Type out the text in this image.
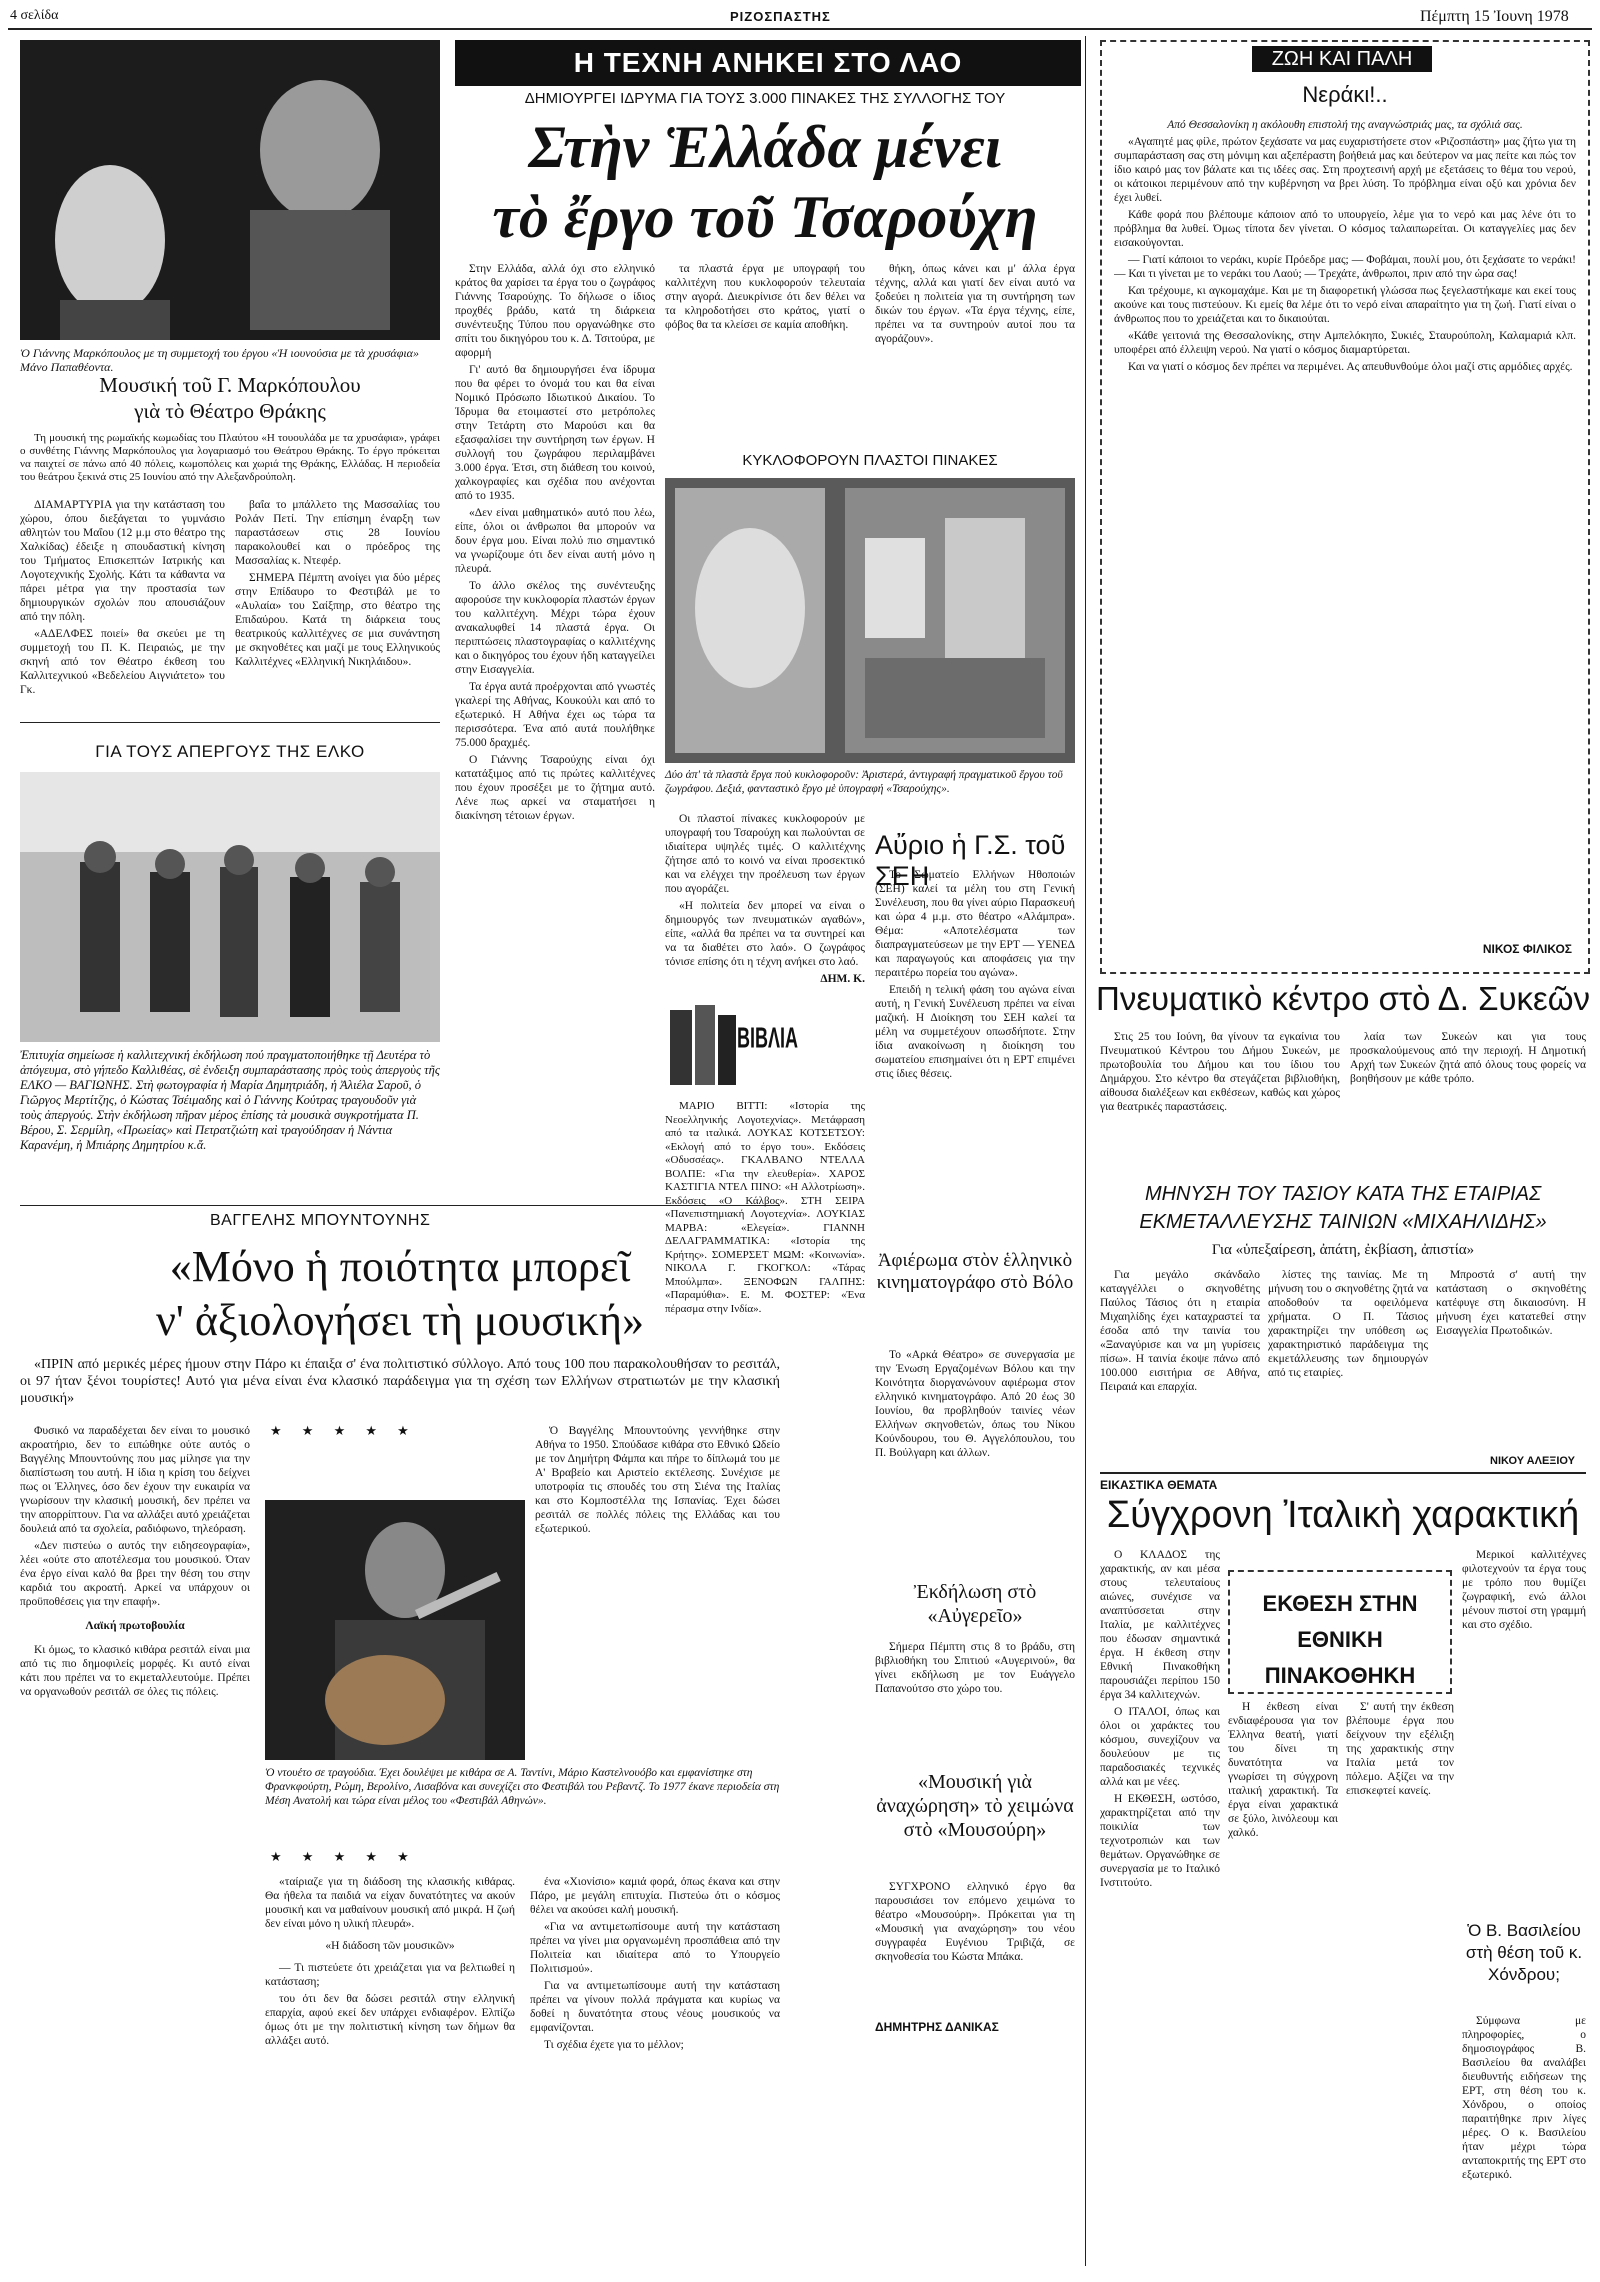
4 σελίδα	ΡΙΖΟΣΠΑΣΤΗΣ	Πέμπτη 15 Ἰουνη 1978
Ὁ Γιάννης Μαρκόπουλος με τη συμμετοχή του έργου «Ἡ ιουνούσια με τὰ χρυσάφια» Μάνο Παπαθέοντα.
Μουσική τοῦ Γ. Μαρκόπουλου
γιὰ τὸ Θέατρο Θράκης

Τη μουσική της ρωμαϊκής κωμωδίας του Πλαύτου «Η τουουλάδα με τα χρυσάφια», γράφει ο συνθέτης Γιάννης Μαρκόπουλος για λογαριασμό του Θεάτρου Θράκης. Το έργο πρόκειται να παιχτεί σε πάνω από 40 πόλεις, κωμοπόλεις και χωριά της Θράκης, Ελλάδας. Η περιοδεία του θεάτρου ξεκινά στις 25 Ιουνίου από την Αλεξανδρούπολη.

ΔΙΑΜΑΡΤΥΡΙΑ για την κατάσταση του χώρου, όπου διεξάγεται το γυμνάσιο αθλητών του Μαΐου (12 μ.μ στο θέατρο της Χαλκίδας) έδειξε η σπουδαστική κίνηση του Τμήματος Επισκεπτών Ιατρικής και Λογοτεχνικής Σχολής. Κάτι τα κάθαντα να πάρει μέτρα για την προστασία των δημιουργικών σχολών που απουσιάζουν από την πόλη.

«ΑΔΕΛΦΕΣ ποιεί» θα σκεύει με τη συμμετοχή του Π. Κ. Πειραιώς, με την σκηνή από τον Θέατρο έκθεση του Καλλιτεχνικού «Βεδελείου Αιγνιάτετο» του Γκ.

βαΐα το μπάλλετο της Μασσαλίας του Ρολάν Πετί. Την επίσημη έναρξη των παραστάσεων στις 28 Ιουνίου παρακολουθεί και ο πρόεδρος της Μασσαλίας κ. Ντεφέρ.

ΣΗΜΕΡΑ Πέμπτη ανοίγει για δύο μέρες στην Επίδαυρο το Φεστιβάλ με το «Αυλαία» του Σαίξπηρ, στο θέατρο της Επιδαύρου. Κατά τη διάρκεια τους θεατρικούς καλλιτέχνες σε μια συνάντηση με σκηνοθέτες και μαζί με τους Ελληνικούς Καλλιτέχνες «Ελληνική Νικηλάιδου».

ΓΙΑ ΤΟΥΣ ΑΠΕΡΓΟΥΣ ΤΗΣ ΕΛΚΟ
Ἐπιτυχία σημείωσε ἡ καλλιτεχνική ἐκδήλωση πού πραγματοποιήθηκε τῇ Δευτέρα τὸ ἀπόγευμα, στὸ γήπεδο Καλλιθέας, σὲ ἐνδειξη συμπαράστασης πρὸς τοὺς ἀπεργοὺς τῆς ΕΛΚΟ — ΒΑΓΙΩΝΗΣ. Στὴ φωτογραφία ἡ Μαρία Δημητριάδη, ἡ Ἀλιέλα Σαροῦ, ὁ Γιῶργος Μερτίτζης, ὁ Κώστας Τσέιμαδης καὶ ὁ Γιάννης Κούτρας τραγουδοῦν γιὰ τοὺς ἀπεργούς. Στὴν ἐκδήλωση πῆραν μέρος ἐπίσης τὰ μουσικὰ συγκροτήματα Π. Βέρου, Σ. Σερμίλη, «Πρωείας» καὶ Πετρατζιώτη καὶ τραγούδησαν ἡ Νάντια Καρανέμη, ἡ Μπιάρης Δημητρίου κ.ἄ.
ΒΑΓΓΕΛΗΣ ΜΠΟΥΝΤΟΥΝΗΣ
«Μόνο ἡ ποιότητα μπορεῖ
ν' ἀξιολογήσει τὴ μουσική»

«ΠΡΙΝ από μερικές μέρες ήμουν στην Πάρο κι έπαιξα σ' ένα πολιτιστικό σύλλογο. Από τους 100 που παρακολουθήσαν το ρεσιτάλ, οι 97 ήταν ξένοι τουρίστες! Αυτό για μένα είναι ένα κλασικό παράδειγμα για τη σχέση των Ελλήνων στρατιωτών με την κλασική μουσική»

Φυσικό να παραδέχεται δεν είναι το μουσικό ακροατήριο, δεν το ειπώθηκε ούτε αυτός ο Βαγγέλης Μπουντούνης που μας μίλησε για την διαπίστωση του αυτή. Η ίδια η κρίση του δείχνει πως οι Έλληνες, όσο δεν έχουν την ευκαιρία να γνωρίσουν την κλασική μουσική, δεν πρέπει να την απορρίπτουν. Για να αλλάξει αυτό χρειάζεται δουλειά από τα σχολεία, ραδιόφωνο, τηλεόραση.

«Δεν πιστεύω ο αυτός την ειδησεογραφία», λέει «ούτε στο αποτέλεσμα του μουσικού. Όταν ένα έργο είναι καλό θα βρει την θέση του στην καρδιά του ακροατή. Αρκεί να υπάρχουν οι προϋποθέσεις για την επαφή».

Λαϊκή πρωτοβουλία

Κι όμως, το κλασικό κιθάρα ρεσιτάλ είναι μια από τις πιο δημοφιλείς μορφές. Κι αυτό είναι κάτι που πρέπει να το εκμεταλλευτούμε. Πρέπει να οργανωθούν ρεσιτάλ σε όλες τις πόλεις.

★ ★ ★ ★ ★	Ὁ Βαγγέλης Μπουντούνης γεννήθηκε στην Αθήνα το 1950. Σπούδασε κιθάρα στο Εθνικό Ωδείο με τον Δημήτρη Φάμπα και πήρε το δίπλωμά του με Α' Βραβείο και Αριστείο εκτέλεσης. Συνέχισε με υποτροφία τις σπουδές του στη Σιένα της Ιταλίας και στο Κομποστέλλα της Ισπανίας. Έχει δώσει ρεσιτάλ σε πολλές πόλεις της Ελλάδας και του εξωτερικού.

Ὁ ντουέτο σε τραγούδια. Έχει δουλέψει με κιθάρα σε Α. Ταντίνι, Μάριο Καστελνουόβο και εμφανίστηκε στη Φρανκφούρτη, Ρώμη, Βερολίνο, Λισαβόνα και συνεχίζει στο Φεστιβάλ του Ρεβαντζ. Το 1977 έκανε περιοδεία στη Μέση Ανατολή και τώρα είναι μέλος του «Φεστιβάλ Αθηνών».
★ ★ ★ ★ ★

«ταίριαζε για τη διάδοση της κλασικής κιθάρας. Θα ήθελα τα παιδιά να είχαν δυνατότητες να ακούν μουσική και να μαθαίνουν μουσική από μικρά. Η ζωή δεν είναι μόνο η υλική πλευρά».

«Η διάδοση τῶν μουσικῶν»

— Τι πιστεύετε ότι χρειάζεται για να βελτιωθεί η κατάσταση;

του ότι δεν θα δώσει ρεσιτάλ στην ελληνική επαρχία, αφού εκεί δεν υπάρχει ενδιαφέρον. Ελπίζω όμως ότι με την πολιτιστική κίνηση των δήμων θα αλλάξει αυτό.

ένα «Χιονίσιο» καμιά φορά, όπως έκανα και στην Πάρο, με μεγάλη επιτυχία. Πιστεύω ότι ο κόσμος θέλει να ακούσει καλή μουσική.

«Για να αντιμετωπίσουμε αυτή την κατάσταση πρέπει να γίνει μια οργανωμένη προσπάθεια από την Πολιτεία και ιδιαίτερα από το Υπουργείο Πολιτισμού».

Για να αντιμετωπίσουμε αυτή την κατάσταση πρέπει να γίνουν πολλά πράγματα και κυρίως να δοθεί η δυνατότητα στους νέους μουσικούς να εμφανίζονται.

Τι σχέδια έχετε για το μέλλον;

Η ΤΕΧΝΗ ΑΝΗΚΕΙ ΣΤΟ ΛΑΟ
ΔΗΜΙΟΥΡΓΕΙ ΙΔΡΥΜΑ ΓΙΑ ΤΟΥΣ 3.000 ΠΙΝΑΚΕΣ ΤΗΣ ΣΥΛΛΟΓΗΣ ΤΟΥ
Στὴν Ἑλλάδα μένει
τὸ ἔργο τοῦ Τσαρούχη

Στην Ελλάδα, αλλά όχι στο ελληνικό κράτος θα χαρίσει τα έργα του ο ζωγράφος Γιάννης Τσαρούχης. Το δήλωσε ο ίδιος προχθές βράδυ, κατά τη διάρκεια συνέντευξης Τύπου που οργανώθηκε στο σπίτι του δικηγόρου του κ. Δ. Τσιτούρα, με αφορμή

Γι' αυτό θα δημιουργήσει ένα ίδρυμα που θα φέρει το όνομά του και θα είναι Νομικό Πρόσωπο Ιδιωτικού Δικαίου. Το Ίδρυμα θα ετοιμαστεί στο μετρόπολες στην Τετάρτη στο Μαρούσι και θα εξασφαλίσει την συντήρηση των έργων. Η συλλογή του ζωγράφου περιλαμβάνει 3.000 έργα. Έτσι, στη διάθεση του κοινού, χαλκογραφίες και σχέδια που ανέχονται από το 1935.

«Δεν είναι μαθηματικό» αυτό που λέω, είπε, όλοι οι άνθρωποι θα μπορούν να δουν έργα μου. Είναι πολύ πιο σημαντικό να γνωρίζουμε ότι δεν είναι αυτή μόνο η πλευρά.

Το άλλο σκέλος της συνέντευξης αφορούσε την κυκλοφορία πλαστών έργων του καλλιτέχνη. Μέχρι τώρα έχουν ανακαλυφθεί 14 πλαστά έργα. Οι περιπτώσεις πλαστογραφίας ο καλλιτέχνης και ο δικηγόρος του έχουν ήδη καταγγείλει στην Εισαγγελία.

Τα έργα αυτά προέρχονται από γνωστές γκαλερί της Αθήνας, Κουκούλι και από το εξωτερικό. Η Αθήνα έχει ως τώρα τα περισσότερα. Ένα από αυτά πουλήθηκε 75.000 δραχμές.

Ο Γιάννης Τσαρούχης είναι όχι κατατάξιμος από τις πρώτες καλλιτέχνες που έχουν προσέξει με το ζήτημα αυτό. Λένε πως αρκεί να σταματήσει η διακίνηση τέτοιων έργων.

τα πλαστά έργα με υπογραφή του καλλιτέχνη που κυκλοφορούν τελευταία στην αγορά. Διευκρίνισε ότι δεν θέλει να τα κληροδοτήσει στο κράτος, γιατί ο φόβος θα τα κλείσει σε καμία αποθήκη.

θήκη, όπως κάνει και μ' άλλα έργα τέχνης, αλλά και γιατί δεν είναι αυτό να ξοδεύει η πολιτεία για τη συντήρηση των δικών του έργων. «Τα έργα τέχνης, είπε, πρέπει να τα συντηρούν αυτοί που τα αγοράζουν».

ΚΥΚΛΟΦΟΡΟΥΝ ΠΛΑΣΤΟΙ ΠΙΝΑΚΕΣ
Δύο ἀπ' τὰ πλαστὰ ἔργα ποὺ κυκλοφοροῦν: Ἀριστερά, ἀντιγραφή πραγματικοῦ ἔργου τοῦ ζωγράφου. Δεξιά, φανταστικὸ ἔργο μὲ ὑπογραφή «Τσαρούχης».

Οι πλαστοί πίνακες κυκλοφορούν με υπογραφή του Τσαρούχη και πωλούνται σε ιδιαίτερα υψηλές τιμές. Ο καλλιτέχνης ζήτησε από το κοινό να είναι προσεκτικό και να ελέγχει την προέλευση των έργων που αγοράζει.

«Η πολιτεία δεν μπορεί να είναι ο δημιουργός των πνευματικών αγαθών», είπε, «αλλά θα πρέπει να τα συντηρεί και να τα διαθέτει στο λαό». Ο ζωγράφος τόνισε επίσης ότι η τέχνη ανήκει στο λαό.

ΔΗΜ. Κ.

Αὔριο ἡ Γ.Σ. τοῦ ΣΕΗ

Το Σωματείο Ελλήνων Ηθοποιών (ΣΕΗ) καλεί τα μέλη του στη Γενική Συνέλευση, που θα γίνει αύριο Παρασκευή και ώρα 4 μ.μ. στο θέατρο «Αλάμπρα». Θέμα: «Αποτελέσματα των διαπραγματεύσεων με την ΕΡΤ — ΥΕΝΕΔ και παραγωγούς και αποφάσεις για την περαιτέρω πορεία του αγώνα».

Επειδή η τελική φάση του αγώνα είναι αυτή, η Γενική Συνέλευση πρέπει να είναι μαζική. Η Διοίκηση του ΣΕΗ καλεί τα μέλη να συμμετέχουν οπωσδήποτε. Στην ίδια ανακοίνωση η διοίκηση του σωματείου επισημαίνει ότι η ΕΡΤ επιμένει στις ίδιες θέσεις.

ΒΙΒΛΙΑ

ΜΑΡΙΟ ΒΙΤΤΙ: «Ιστορία της Νεοελληνικής Λογοτεχνίας». Μετάφραση από τα ιταλικά. ΛΟΥΚΑΣ ΚΟΤΣΕΤΣΟΥ: «Εκλογή από το έργο του». Εκδόσεις «Οδυσσέας». ΓΚΑΛΒΑΝΟ ΝΤΕΛΛΑ ΒΟΛΠΕ: «Για την ελευθερία». ΧΑΡΟΣ ΚΑΣΤΙΓΙΑ ΝΤΕΛ ΠΙΝΟ: «Η Αλλοτρίωση». Εκδόσεις «Ο Κάλβος». ΣΤΗ ΣΕΙΡΑ «Πανεπιστημιακή Λογοτεχνία». ΛΟΥΚΙΑΣ ΜΑΡΒΑ: «Ελεγεία». ΓΙΑΝΝΗ ΔΕΛΑΓΡΑΜΜΑΤΙΚΑ: «Ιστορία της Κρήτης». ΣΟΜΕΡΣΕΤ ΜΩΜ: «Κοινωνία». ΝΙΚΟΛΑ Γ. ΓΚΟΓΚΟΛ: «Τάρας Μπούλμπα». ΞΕΝΟΦΩΝ ΓΑΛΠΗΣ: «Παραμύθια». Ε. Μ. ΦΟΣΤΕΡ: «Ένα πέρασμα στην Ινδία».

Ἀφιέρωμα στὸν ἑλληνικὸ κινηματογράφο στὸ Βόλο

Το «Αρκά Θέατρο» σε συνεργασία με την Ένωση Εργαζομένων Βόλου και την Κοινότητα διοργανώνουν αφιέρωμα στον ελληνικό κινηματογράφο. Από 20 έως 30 Ιουνίου, θα προβληθούν ταινίες νέων Ελλήνων σκηνοθετών, όπως του Νίκου Κούνδουρου, του Θ. Αγγελόπουλου, του Π. Βούλγαρη και άλλων.

Ἐκδήλωση στὸ «Αὐγερεῖο»

Σήμερα Πέμπτη στις 8 το βράδυ, στη βιβλιοθήκη του Σπιτιού «Αυγερινού», θα γίνει εκδήλωση με τον Ευάγγελο Παπανούτσο στο χώρο του.

«Μουσική γιὰ ἀναχώρηση» τὸ χειμώνα στὸ «Μουσούρη»

ΣΥΓΧΡΟΝΟ ελληνικό έργο θα παρουσιάσει τον επόμενο χειμώνα το θέατρο «Μουσούρη». Πρόκειται για τη «Μουσική για αναχώρηση» του νέου συγγραφέα Ευγένιου Τριβιζά, σε σκηνοθεσία του Κώστα Μπάκα.

ΔΗΜΗΤΡΗΣ ΔΑΝΙΚΑΣ
ΖΩΗ ΚΑΙ ΠΑΛΗ
Νεράκι!..

Από Θεσσαλονίκη η ακόλουθη επιστολή της αναγνώστριάς μας, τα σχόλιά σας.

«Αγαπητέ μας φίλε, πρώτον ξεχάσατε να μας ευχαριστήσετε στον «Ριζοσπάστη» μας ζήτω για τη συμπαράσταση σας στη μόνιμη και αξεπέραστη βοήθειά μας και δεύτερον να μας πείτε και πώς τον ίδιο καιρό μας τον βάλατε και τις ιδέες σας. Στη προχτεσινή αρχή με εξετάσεις το θέμα του νερού, οι κάτοικοι περιμένουν από την κυβέρνηση να βρει λύση. Το πρόβλημα είναι οξύ και χρόνια δεν έχει λυθεί.

Κάθε φορά που βλέπουμε κάποιον από το υπουργείο, λέμε για το νερό και μας λένε ότι το πρόβλημα θα λυθεί. Όμως τίποτα δεν γίνεται. Ο κόσμος ταλαιπωρείται. Οι καταγγελίες μας δεν εισακούγονται.

— Γιατί κάποιοι το νεράκι, κυρίε Πρόεδρε μας; — Φοβάμαι, πουλί μου, ότι ξεχάσατε το νεράκι! — Και τι γίνεται με το νεράκι του Λαού; — Τρεχάτε, άνθρωποι, πριν από την ώρα σας!

Και τρέχουμε, κι αγκομαχάμε. Και με τη διαφορετική γλώσσα πως ξεγελαστήκαμε και εκεί τους ακούνε και τους πιστεύουν. Κι εμείς θα λέμε ότι το νερό είναι απαραίτητο για τη ζωή. Γιατί είναι ο άνθρωπος που το χρειάζεται και το δικαιούται.

«Κάθε γειτονιά της Θεσσαλονίκης, στην Αμπελόκηπο, Συκιές, Σταυρούπολη, Καλαμαριά κλπ. υποφέρει από έλλειψη νερού. Να γιατί ο κόσμος διαμαρτύρεται.

Και να γιατί ο κόσμος δεν πρέπει να περιμένει. Ας απευθυνθούμε όλοι μαζί στις αρμόδιες αρχές.

ΝΙΚΟΣ ΦΙΛΙΚΟΣ
Πνευματικὸ κέντρο στὸ Δ. Συκεῶν

Στις 25 του Ιούνη, θα γίνουν τα εγκαίνια του Πνευματικού Κέντρου του Δήμου Συκεών, με πρωτοβουλία του Δήμου και του ίδιου του Δημάρχου. Στο κέντρο θα στεγάζεται βιβλιοθήκη, αίθουσα διαλέξεων και εκθέσεων, καθώς και χώρος για θεατρικές παραστάσεις.

λαία των Συκεών και για τους προσκαλούμενους από την περιοχή. Η Δημοτική Αρχή των Συκεών ζητά από όλους τους φορείς να βοηθήσουν με κάθε τρόπο.

ΜΗΝΥΣΗ ΤΟΥ ΤΑΣΙΟΥ ΚΑΤΑ ΤΗΣ ΕΤΑΙΡΙΑΣ
ΕΚΜΕΤΑΛΛΕΥΣΗΣ ΤΑΙΝΙΩΝ «ΜΙΧΑΗΛΙΔΗΣ»
Για «ὑπεξαίρεση, ἀπάτη, ἐκβίαση, ἀπιστία»

Για μεγάλο σκάνδαλο καταγγέλλει ο σκηνοθέτης Παύλος Τάσιος ότι η εταιρία Μιχαηλίδης έχει καταχραστεί τα έσοδα από την ταινία του «Ξαναγύρισε και να μη γυρίσεις πίσω». Η ταινία έκοψε πάνω από 100.000 εισιτήρια σε Αθήνα, Πειραιά και επαρχία.

λίστες της ταινίας. Με τη μήνυση του ο σκηνοθέτης ζητά να αποδοθούν τα οφειλόμενα χρήματα. Ο Π. Τάσιος χαρακτηρίζει την υπόθεση ως χαρακτηριστικό παράδειγμα της εκμετάλλευσης των δημιουργών από τις εταιρίες.

Μπροστά σ' αυτή την κατάσταση ο σκηνοθέτης κατέφυγε στη δικαιοσύνη. Η μήνυση έχει κατατεθεί στην Εισαγγελία Πρωτοδικών.

ΝΙΚΟΥ ΑΛΕΞΙΟΥ
ΕΙΚΑΣΤΙΚΑ ΘΕΜΑΤΑ
Σύγχρονη Ἰταλικὴ χαρακτική

Ο ΚΛΑΔΟΣ της χαρακτικής, αν και μέσα στους τελευταίους αιώνες, συνέχισε να αναπτύσσεται στην Ιταλία, με καλλιτέχνες που έδωσαν σημαντικά έργα. Η έκθεση στην Εθνική Πινακοθήκη παρουσιάζει περίπου 150 έργα 34 καλλιτεχνών.

Ο ΙΤΑΛΟΙ, όπως και όλοι οι χαράκτες του κόσμου, συνεχίζουν να δουλεύουν με τις παραδοσιακές τεχνικές αλλά και με νέες.

Η ΕΚΘΕΣΗ, ωστόσο, χαρακτηρίζεται από την ποικιλία των τεχνοτροπιών και των θεμάτων. Οργανώθηκε σε συνεργασία με το Ιταλικό Ινστιτούτο.

ΕΚΘΕΣΗ ΣΤΗΝ ΕΘΝΙΚΗ ΠΙΝΑΚΟΘΗΚΗ

Η έκθεση είναι ενδιαφέρουσα για τον Έλληνα θεατή, γιατί του δίνει τη δυνατότητα να γνωρίσει τη σύγχρονη ιταλική χαρακτική. Τα έργα είναι χαρακτικά σε ξύλο, λινόλεουμ και χαλκό.

Σ' αυτή την έκθεση βλέπουμε έργα που δείχνουν την εξέλιξη της χαρακτικής στην Ιταλία μετά τον πόλεμο. Αξίζει να την επισκεφτεί κανείς.

Μερικοί καλλιτέχνες φιλοτεχνούν τα έργα τους με τρόπο που θυμίζει ζωγραφική, ενώ άλλοι μένουν πιστοί στη γραμμή και στο σχέδιο.

Ὁ Β. Βασιλείου στὴ θέση τοῦ κ. Χόνδρου;

Σύμφωνα με πληροφορίες, ο δημοσιογράφος Β. Βασιλείου θα αναλάβει διευθυντής ειδήσεων της ΕΡΤ, στη θέση του κ. Χόνδρου, ο οποίος παραιτήθηκε πριν λίγες μέρες. Ο κ. Βασιλείου ήταν μέχρι τώρα ανταποκριτής της ΕΡΤ στο εξωτερικό.
